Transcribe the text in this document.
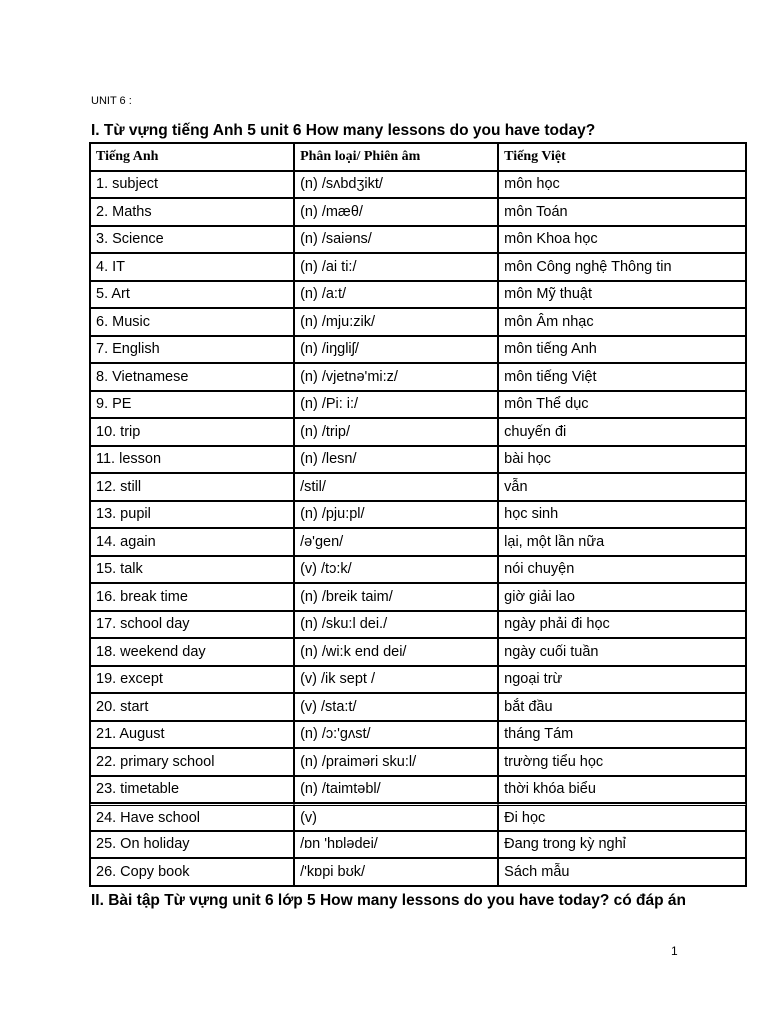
UNIT 6 :
I. Từ vựng tiếng Anh 5 unit 6 How many lessons do you have today?
Tiếng Anh	Phân loại/ Phiên âm	Tiếng Việt
1. subject	(n) /sʌbdʒikt/	môn học
2. Maths	(n) /mæθ/	môn Toán
3. Science	(n) /saiəns/	môn Khoa học
4. IT	(n) /ai ti:/	môn Công nghệ Thông tin
5. Art	(n) /a:t/	môn Mỹ thuật
6. Music	(n) /mju:zik/	môn Âm nhạc
7. English	(n) /iŋgliʃ/	môn tiếng Anh
8. Vietnamese	(n) /vjetnə'mi:z/	môn tiếng Việt
9. PE	(n) /Pi: i:/	môn Thể dục
10. trip	(n) /trip/	chuyến đi
11. lesson	(n) /lesn/	bài học
12. still	/stil/	vẫn
13. pupil	(n) /pju:pl/	học sinh
14. again	/ə'gen/	lại, một lần nữa
15. talk	(v) /tɔ:k/	nói chuyện
16. break time	(n) /breik taim/	giờ giải lao
17. school day	(n) /sku:l dei./	ngày phải đi học
18. weekend day	(n) /wi:k end dei/	ngày cuối tuần
19. except	(v) /ik sept /	ngoại trừ
20. start	(v) /sta:t/	bắt đầu
21. August	(n) /ɔ:'gʌst/	tháng Tám
22. primary school	(n) /praiməri sku:l/	trường tiểu học
23. timetable	(n) /taimtəbl/	thời khóa biểu
24. Have school	(v)	Đi học
25. On holiday	/ɒn 'hɒlədei/	Đang trong kỳ nghỉ
26. Copy book	/'kɒpi bʊk/	Sách mẫu
II. Bài tập Từ vựng unit 6 lớp 5 How many lessons do you have today? có đáp án
1
